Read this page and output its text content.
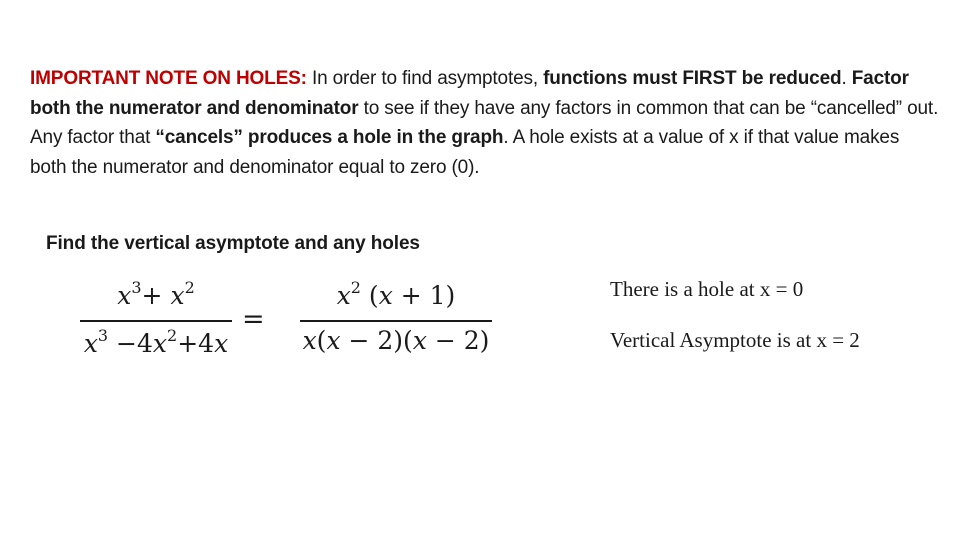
IMPORTANT NOTE ON HOLES: In order to find asymptotes, functions must FIRST be reduced. Factor both the numerator and denominator to see if they have any factors in common that can be “cancelled” out. Any factor that “cancels” produces a hole in the graph. A hole exists at a value of x if that value makes both the numerator and denominator equal to zero (0).
Find the vertical asymptote and any holes
$x^3+ x^2$
$x^3 -4x^2+4x$
=
$x^2$ (x + 1)
x(x − 2)(x − 2)
There is a hole at x = 0
Vertical Asymptote is at x = 2
